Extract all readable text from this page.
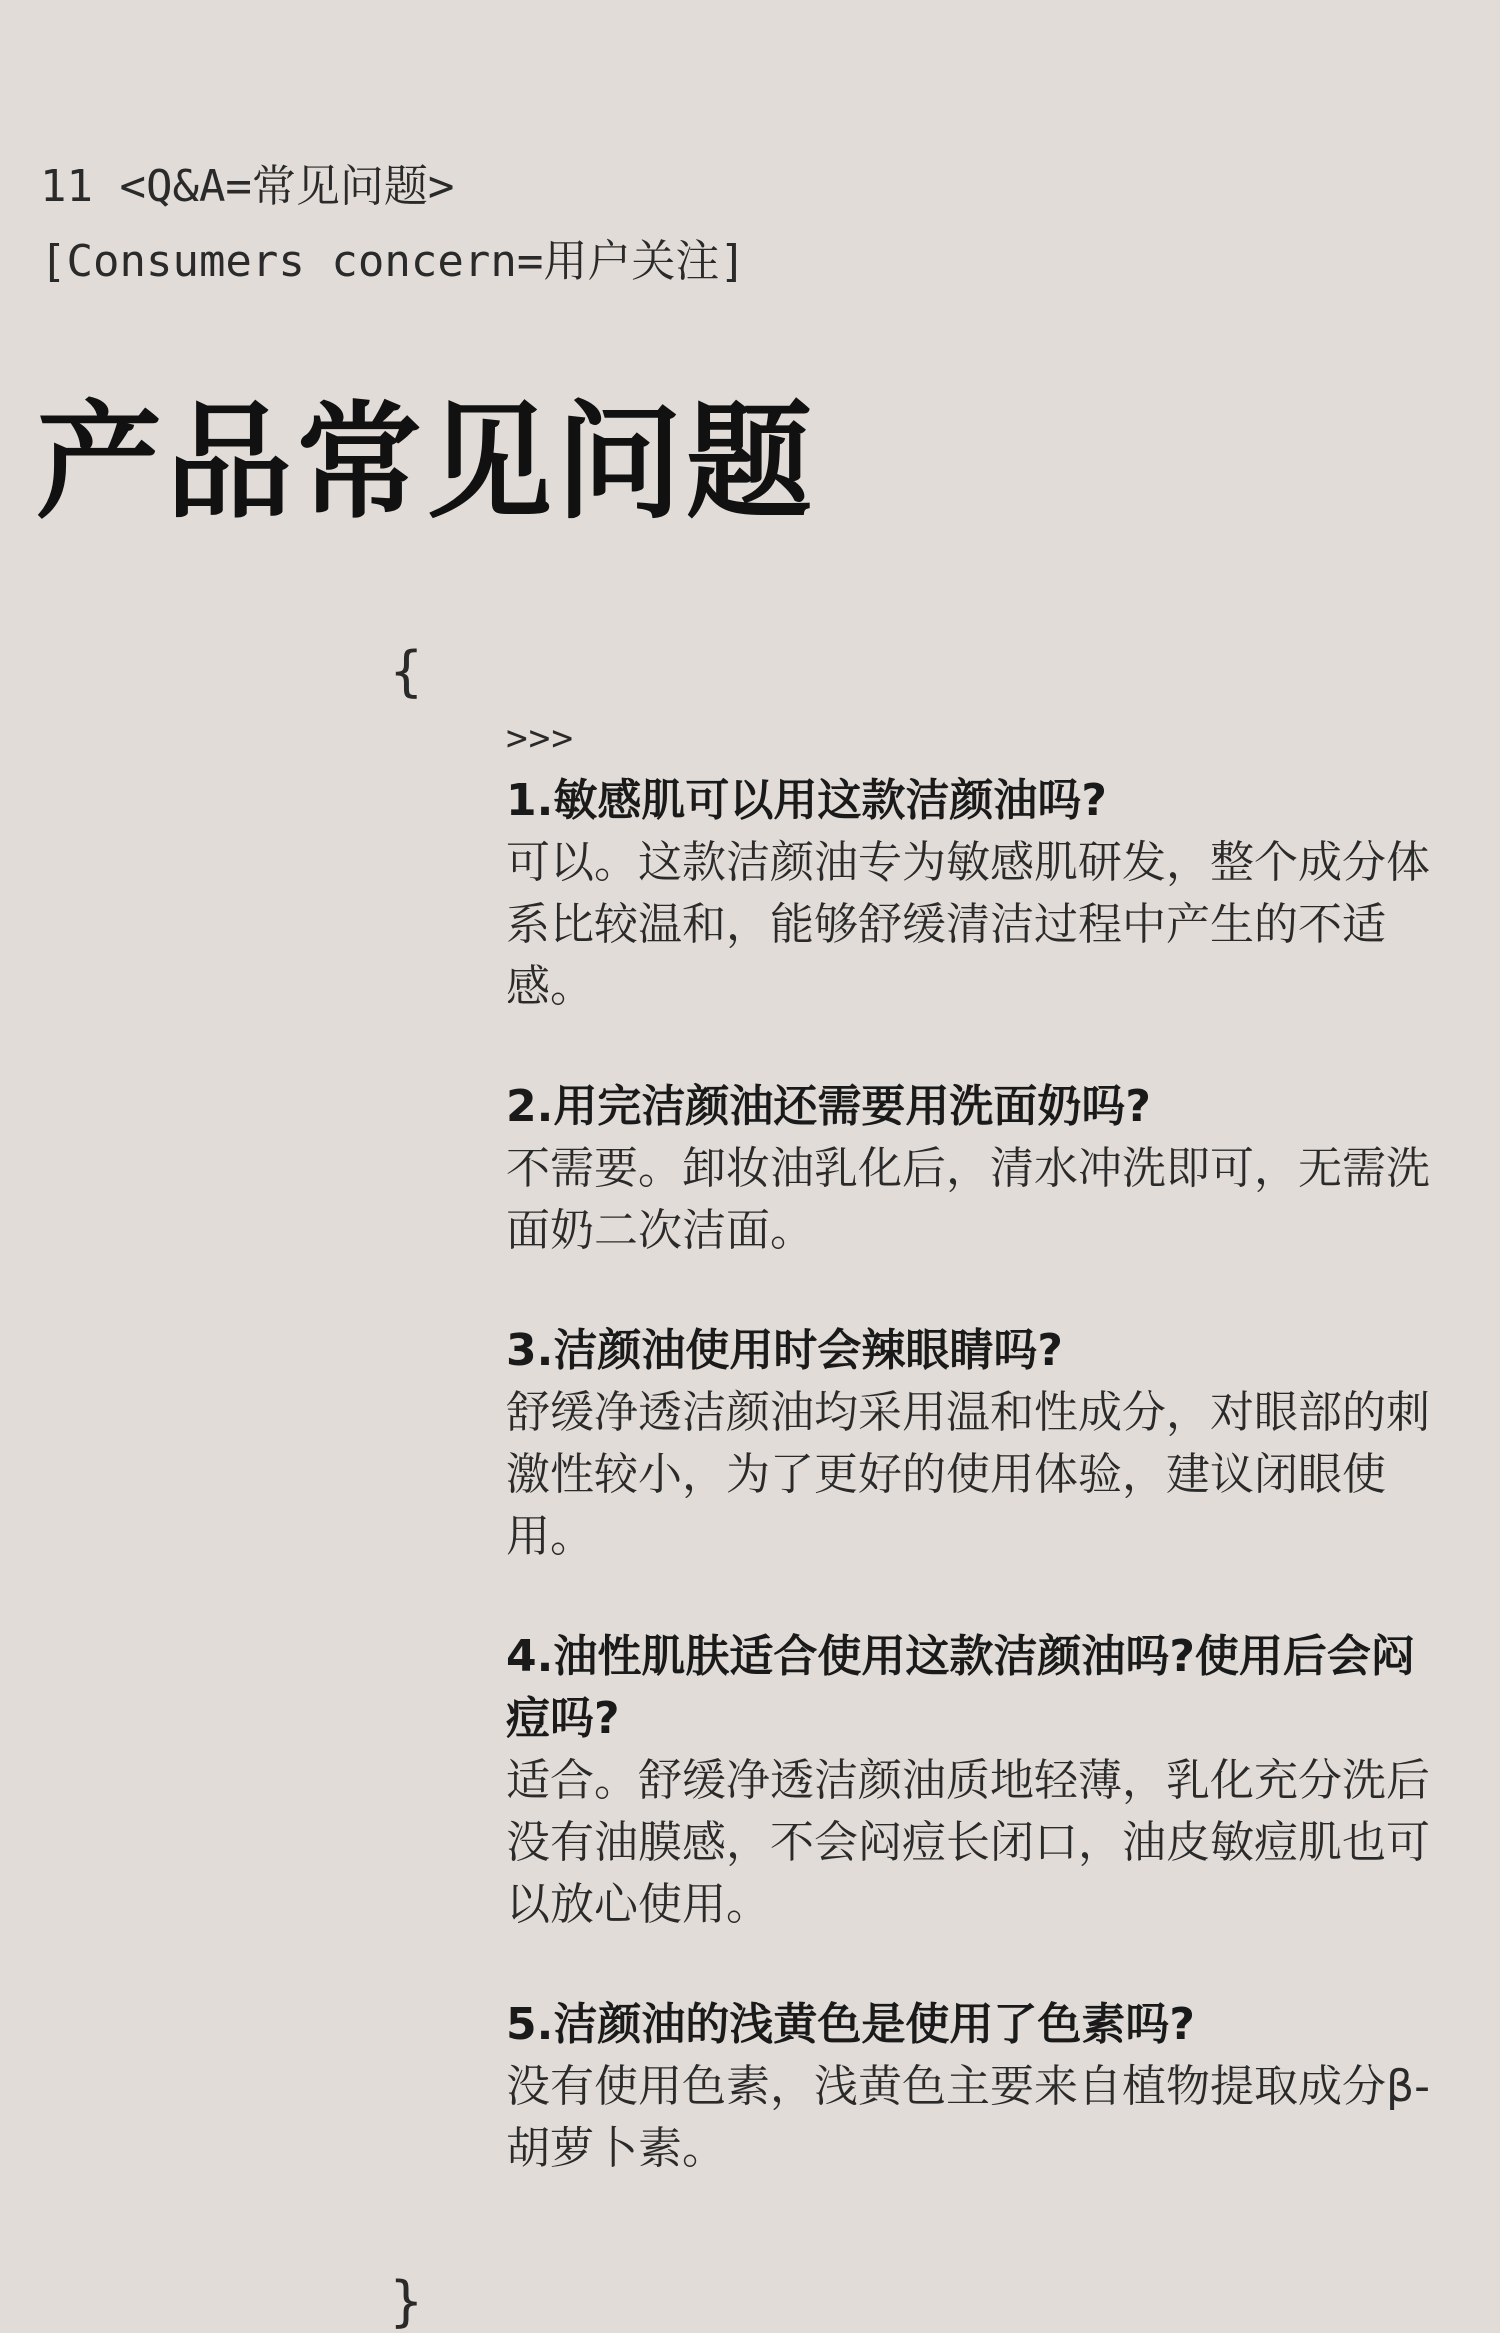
11 <Q&A=常见问题>
[Consumers concern=用户关注]
产品常见问题
{
>>>

1.敏感肌可以用这款洁颜油吗?

可以。这款洁颜油专为敏感肌研发，整个成分体系比较温和，能够舒缓清洁过程中产生的不适感。

2.用完洁颜油还需要用洗面奶吗?

不需要。卸妆油乳化后，清水冲洗即可，无需洗面奶二次洁面。

3.洁颜油使用时会辣眼睛吗?

舒缓净透洁颜油均采用温和性成分，对眼部的刺激性较小，为了更好的使用体验，建议闭眼使用。

4.油性肌肤适合使用这款洁颜油吗?使用后会闷痘吗?

适合。舒缓净透洁颜油质地轻薄，乳化充分洗后没有油膜感，不会闷痘长闭口，油皮敏痘肌也可以放心使用。

5.洁颜油的浅黄色是使用了色素吗?

没有使用色素，浅黄色主要来自植物提取成分β-胡萝卜素。

}
